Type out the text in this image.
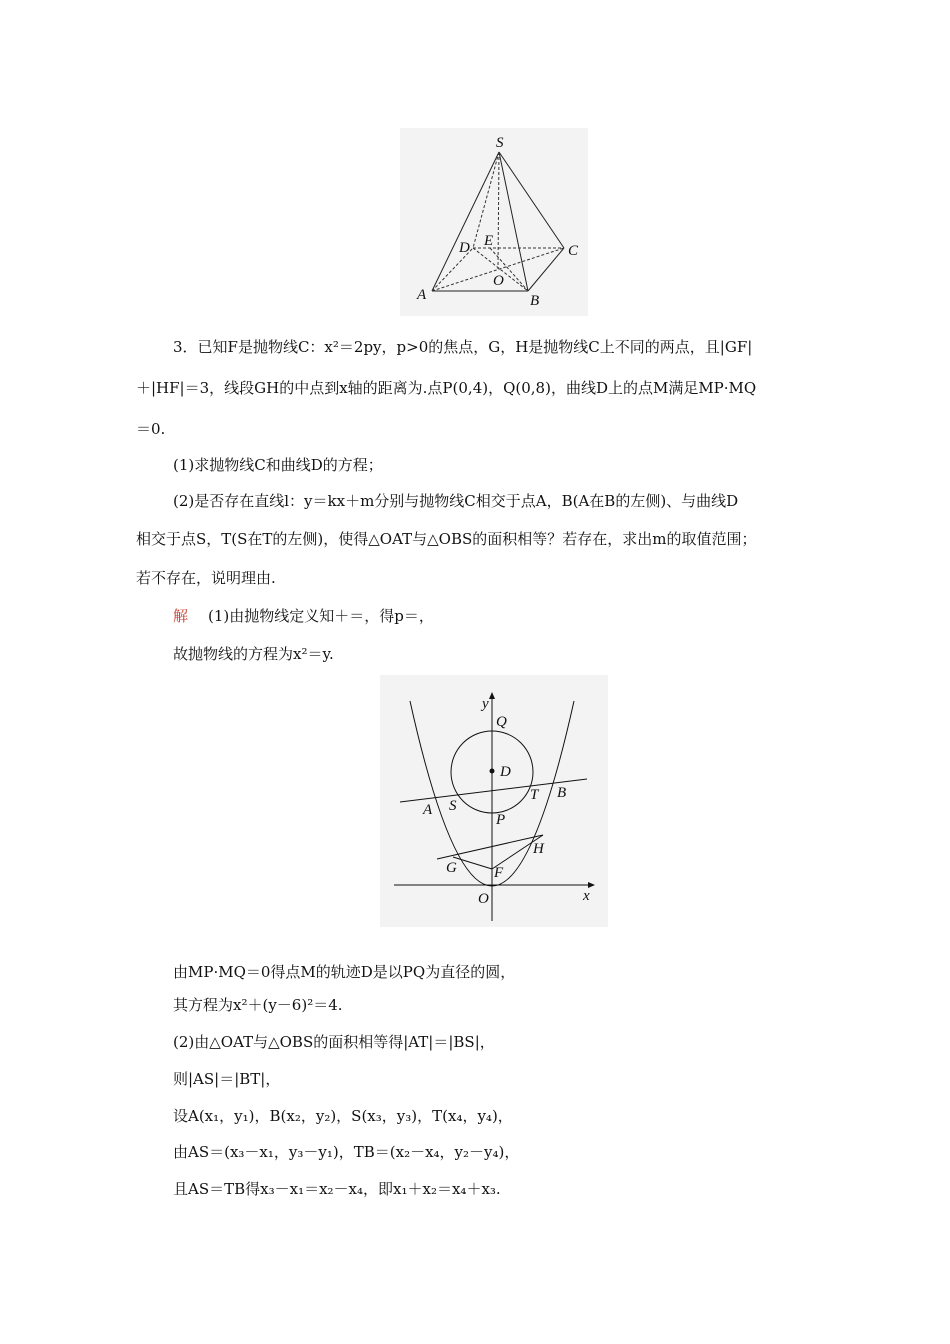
S
A	B
C
D E
O
3．已知F是抛物线C：x²＝2py，p>0的焦点，G，H是抛物线C上不同的两点，且|GF|
＋|HF|＝3，线段GH的中点到x轴的距离为.点P(0,4)，Q(0,8)，曲线D上的点M满足MP·MQ
＝0.
(1)求抛物线C和曲线D的方程；
(2)是否存在直线l：y＝kx＋m分别与抛物线C相交于点A，B(A在B的左侧)、与曲线D
相交于点S，T(S在T的左侧)，使得△OAT与△OBS的面积相等？若存在，求出m的取值范围；
若不存在，说明理由.
解 (1)由抛物线定义知＋＝，得p＝，
故抛物线的方程为x²＝y.
y
x
Q
D
A S
T B
P
H
G F
O
由MP·MQ＝0得点M的轨迹D是以PQ为直径的圆，
其方程为x²＋(y－6)²＝4.
(2)由△OAT与△OBS的面积相等得|AT|＝|BS|，
则|AS|＝|BT|，
设A(x₁，y₁)，B(x₂，y₂)，S(x₃，y₃)，T(x₄，y₄)，
由AS＝(x₃－x₁，y₃－y₁)，TB＝(x₂－x₄，y₂－y₄)，
且AS＝TB得x₃－x₁＝x₂－x₄，即x₁＋x₂＝x₄＋x₃.
